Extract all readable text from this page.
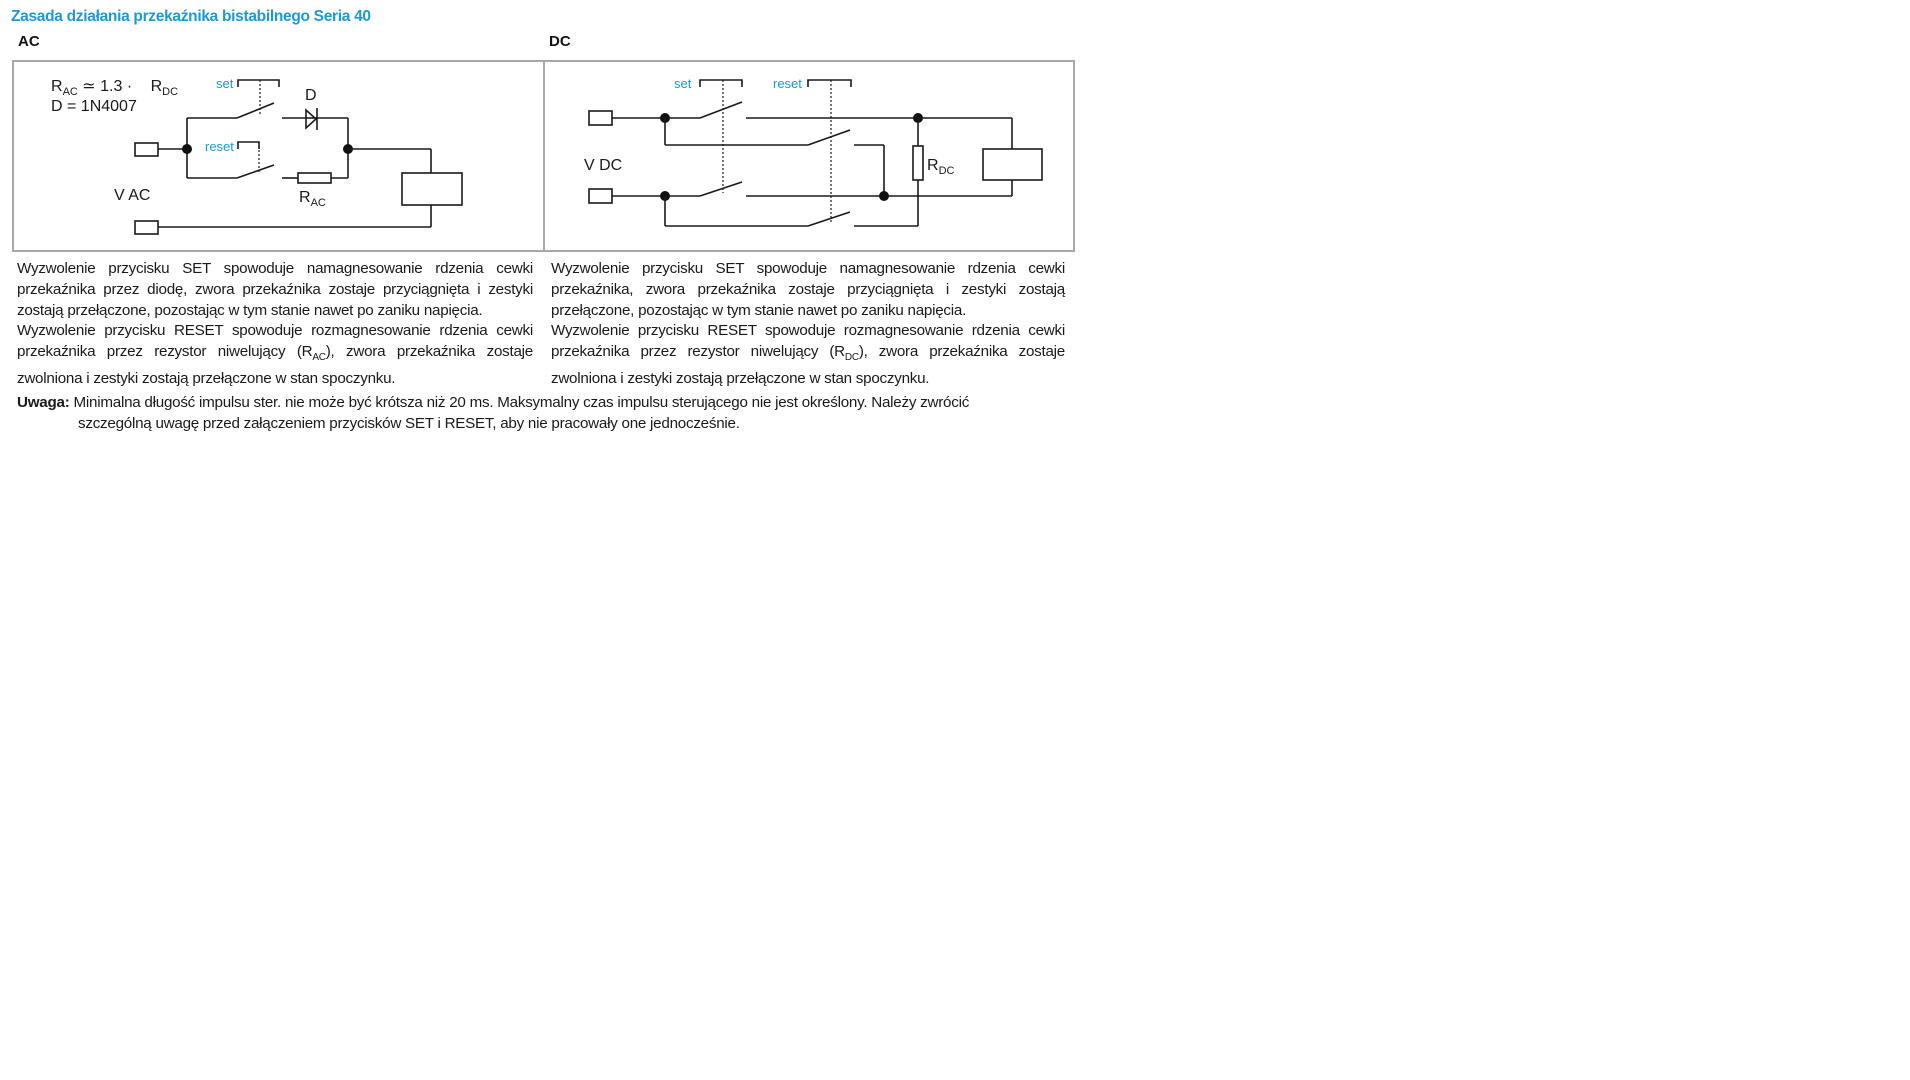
Zasada działania przekaźnika bistabilnego Seria 40
AC	DC
$R_{AC}$ ≃ $1.3 \cdot R_{DC}$
D = 1N4007
set
reset
D
$R_{AC}$
V AC
set	reset
V DC	$R_{DC}$

Wyzwolenie przycisku SET spowoduje namagnesowanie rdzenia cewki przekaźnika przez diodę, zwora przekaźnika zostaje przyciągnięta i zestyki zostają przełączone, pozostając w tym stanie nawet po zaniku napięcia.

Wyzwolenie przycisku RESET spowoduje rozmagnesowanie rdzenia cewki przekaźnika przez rezystor niwelujący $(R_{AC})$, zwora przekaźnika zostaje zwolniona i zestyki zostają przełączone w stan spoczynku.

Wyzwolenie przycisku SET spowoduje namagnesowanie rdzenia cewki przekaźnika, zwora przekaźnika zostaje przyciągnięta i zestyki zostają przełączone, pozostając w tym stanie nawet po zaniku napięcia.

Wyzwolenie przycisku RESET spowoduje rozmagnesowanie rdzenia cewki przekaźnika przez rezystor niwelujący $(R_{DC})$, zwora przekaźnika zostaje zwolniona i zestyki zostają przełączone w stan spoczynku.

Uwaga: Minimalna długość impulsu ster. nie może być krótsza niż 20 ms. Maksymalny czas impulsu sterującego nie jest określony. Należy zwrócić
szczególną uwagę przed załączeniem przycisków SET i RESET, aby nie pracowały one jednocześnie.
